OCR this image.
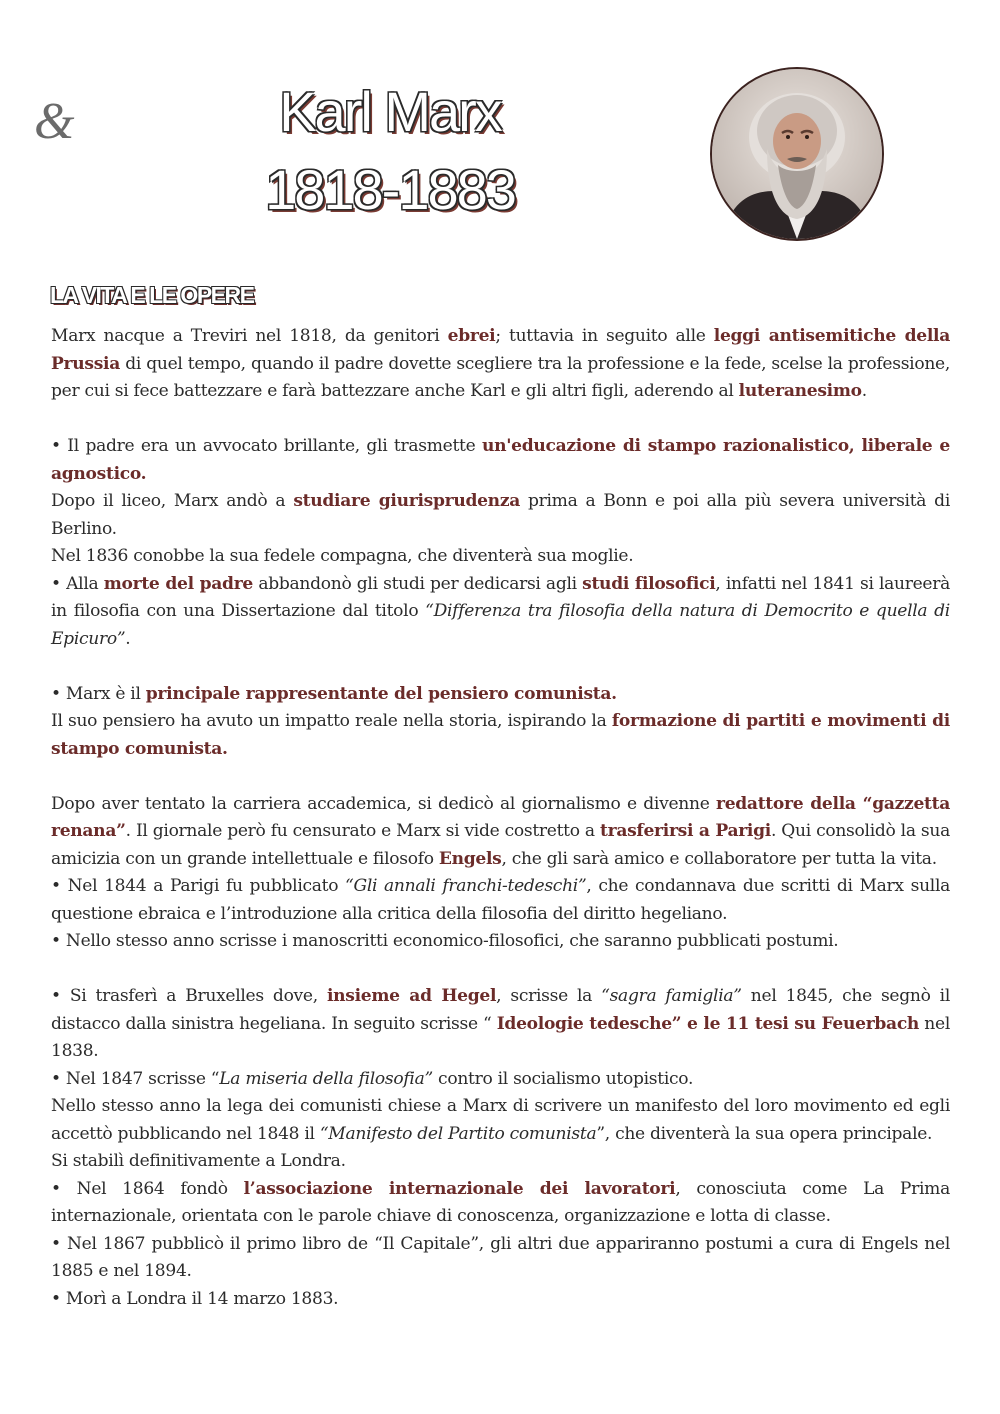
&	Karl Marx
1818-1883
LA VITA E LE OPERE

Marx nacque a Treviri nel 1818, da genitori ebrei; tuttavia in seguito alle leggi antisemitiche della Prussia di quel tempo, quando il padre dovette scegliere tra la professione e la fede, scelse la professione, per cui si fece battezzare e farà battezzare anche Karl e gli altri figli, aderendo al luteranesimo.

• Il padre era un avvocato brillante, gli trasmette un'educazione di stampo razionalistico, liberale e agnostico.

Dopo il liceo, Marx andò a studiare giurisprudenza prima a Bonn e poi alla più severa università di Berlino.

Nel 1836 conobbe la sua fedele compagna, che diventerà sua moglie.

• Alla morte del padre abbandonò gli studi per dedicarsi agli studi filosofici, infatti nel 1841 si laureerà in filosofia con una Dissertazione dal titolo “Differenza tra filosofia della natura di Democrito e quella di Epicuro”.

• Marx è il principale rappresentante del pensiero comunista.

Il suo pensiero ha avuto un impatto reale nella storia, ispirando la formazione di partiti e movimenti di stampo comunista.

Dopo aver tentato la carriera accademica, si dedicò al giornalismo e divenne redattore della “gazzetta renana”. Il giornale però fu censurato e Marx si vide costretto a trasferirsi a Parigi. Qui consolidò la sua amicizia con un grande intellettuale e filosofo Engels, che gli sarà amico e collaboratore per tutta la vita.

• Nel 1844 a Parigi fu pubblicato “Gli annali franchi-tedeschi”, che condannava due scritti di Marx sulla questione ebraica e l’introduzione alla critica della filosofia del diritto hegeliano.

• Nello stesso anno scrisse i manoscritti economico-filosofici, che saranno pubblicati postumi.

• Si trasferì a Bruxelles dove, insieme ad Hegel, scrisse la “sagra famiglia” nel 1845, che segnò il distacco dalla sinistra hegeliana. In seguito scrisse “ Ideologie tedesche” e le 11 tesi su Feuerbach nel 1838.

• Nel 1847 scrisse “La miseria della filosofia” contro il socialismo utopistico.

Nello stesso anno la lega dei comunisti chiese a Marx di scrivere un manifesto del loro movimento ed egli accettò pubblicando nel 1848 il “Manifesto del Partito comunista”, che diventerà la sua opera principale.

Si stabilì definitivamente a Londra.

• Nel 1864 fondò l’associazione internazionale dei lavoratori, conosciuta come La Prima internazionale, orientata con le parole chiave di conoscenza, organizzazione e lotta di classe.

• Nel 1867 pubblicò il primo libro de “Il Capitale”, gli altri due appariranno postumi a cura di Engels nel 1885 e nel 1894.

• Morì a Londra il 14 marzo 1883.
